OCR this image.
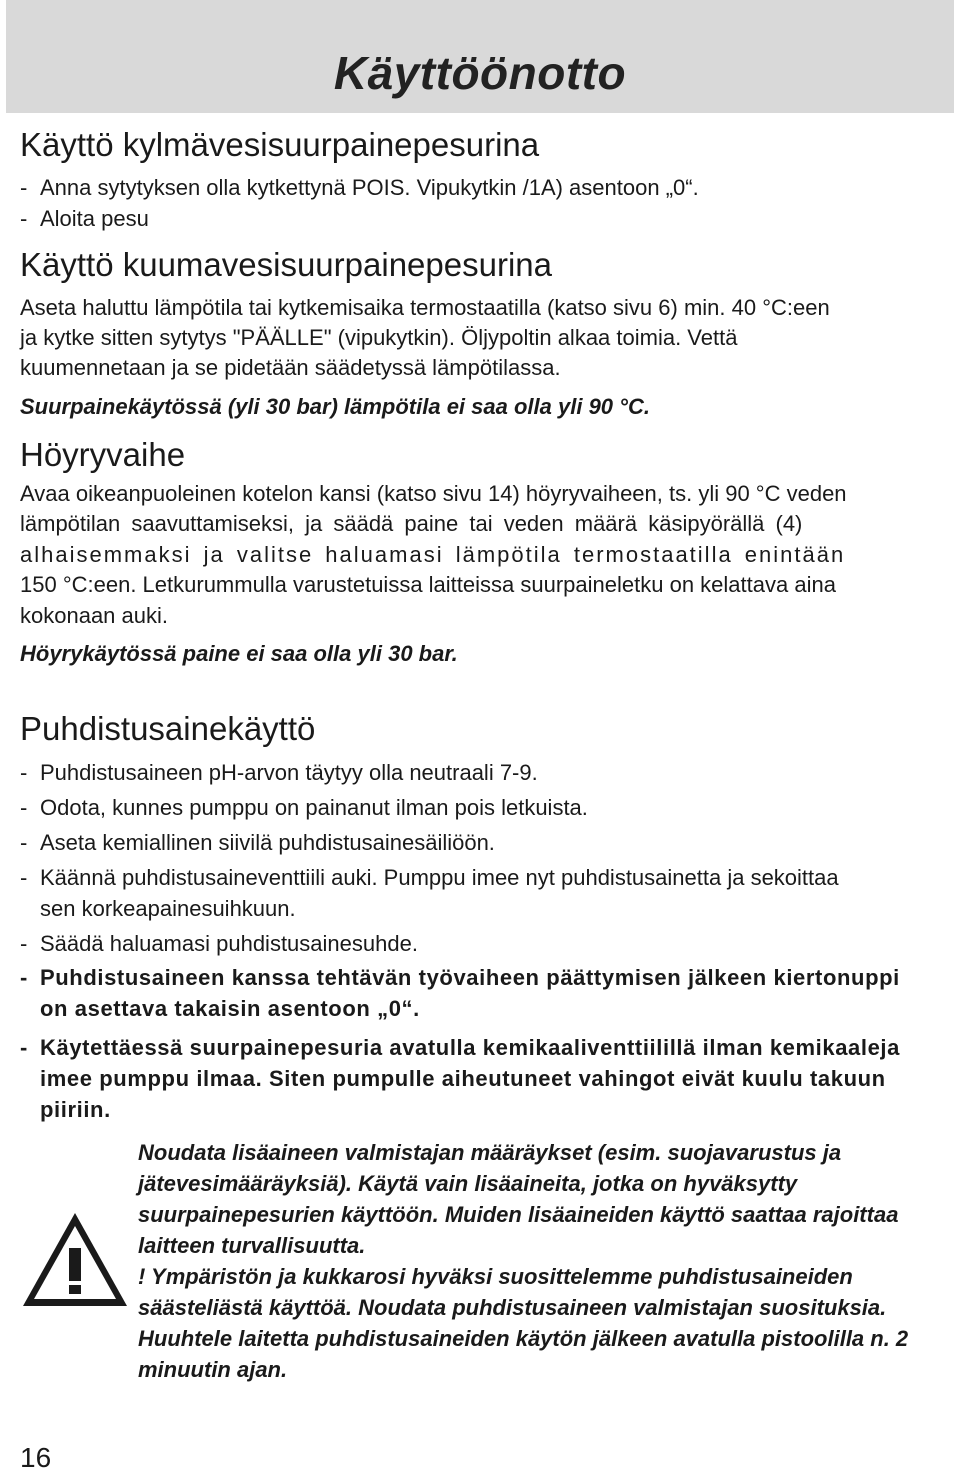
Käyttöönotto
Käyttö kylmävesisuurpainepesurina
- Anna sytytyksen olla kytkettynä POIS. Vipukytkin /1A) asentoon „0“.
- Aloita pesu
Käyttö kuumavesisuurpainepesurina

Aseta haluttu lämpötila tai kytkemisaika termostaatilla (katso sivu 6) min. 40 °C:een

ja kytke sitten sytytys "PÄÄLLE" (vipukytkin). Öljypoltin alkaa toimia. Vettä

kuumennetaan ja se pidetään säädetyssä lämpötilassa.

Suurpainekäytössä (yli 30 bar) lämpötila ei saa olla yli 90 °C.

Höyryvaihe

Avaa oikeanpuoleinen kotelon kansi (katso sivu 14) höyryvaiheen, ts. yli 90 °C veden

lämpötilan saavuttamiseksi, ja säädä paine tai veden määrä käsipyörällä (4)

alhaisemmaksi ja valitse haluamasi lämpötila termostaatilla enintään

150 °C:een. Letkurummulla varustetuissa laitteissa suurpaineletku on kelattava aina

kokonaan auki.

Höyrykäytössä paine ei saa olla yli 30 bar.

Puhdistusainekäyttö
- Puhdistusaineen pH-arvon täytyy olla neutraali 7-9.
- Odota, kunnes pumppu on painanut ilman pois letkuista.
- Aseta kemiallinen siivilä puhdistusainesäiliöön.
- Käännä puhdistusaineventtiili auki. Pumppu imee nyt puhdistusainetta ja sekoittaa sen korkeapainesuihkuun.
- Säädä haluamasi puhdistusainesuhde.
- Puhdistusaineen kanssa tehtävän työvaiheen päättymisen jälkeen kiertonuppi on asettava takaisin asentoon „0“.
- Käytettäessä suurpainepesuria avatulla kemikaaliventtiilillä ilman kemikaaleja imee pumppu ilmaa. Siten pumpulle aiheutuneet vahingot eivät kuulu takuun piiriin.

Noudata lisäaineen valmistajan määräykset (esim. suojavarustus ja jätevesimääräyksiä). Käytä vain lisäaineita, jotka on hyväksytty suurpainepesurien käyttöön. Muiden lisäaineiden käyttö saattaa rajoittaa laitteen turvallisuutta.

! Ympäristön ja kukkarosi hyväksi suosittelemme puhdistusaineiden säästeliästä käyttöä. Noudata puhdistusaineen valmistajan suosituksia. Huuhtele laitetta puhdistusaineiden käytön jälkeen avatulla pistoolilla n. 2 minuutin ajan.

16
